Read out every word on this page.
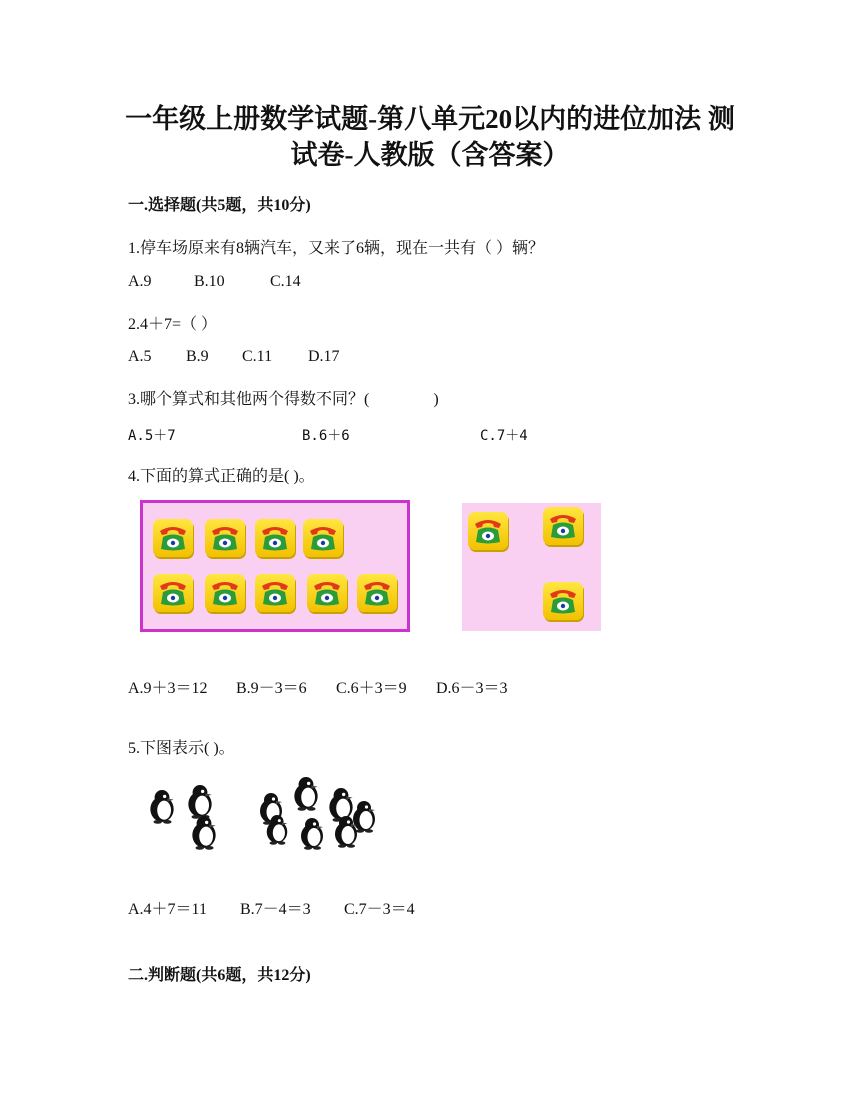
一年级上册数学试题-第八单元20以内的进位加法 测
试卷-人教版（含答案）
一.选择题(共5题，共10分)
1.停车场原来有8辆汽车，又来了6辆，现在一共有（ ）辆？
A.9	B.10	C.14
2.4＋7=（ ）
A.5 B.9 C.11 D.17
3.哪个算式和其他两个得数不同？(　　　　)
A.5＋7	B.6＋6	C.7＋4
4.下面的算式正确的是( )。
A.9＋3＝12 B.9－3＝6 C.6＋3＝9 D.6－3＝3
5.下图表示( )。
A.4＋7＝11 B.7－4＝3 C.7－3＝4
二.判断题(共6题，共12分)
